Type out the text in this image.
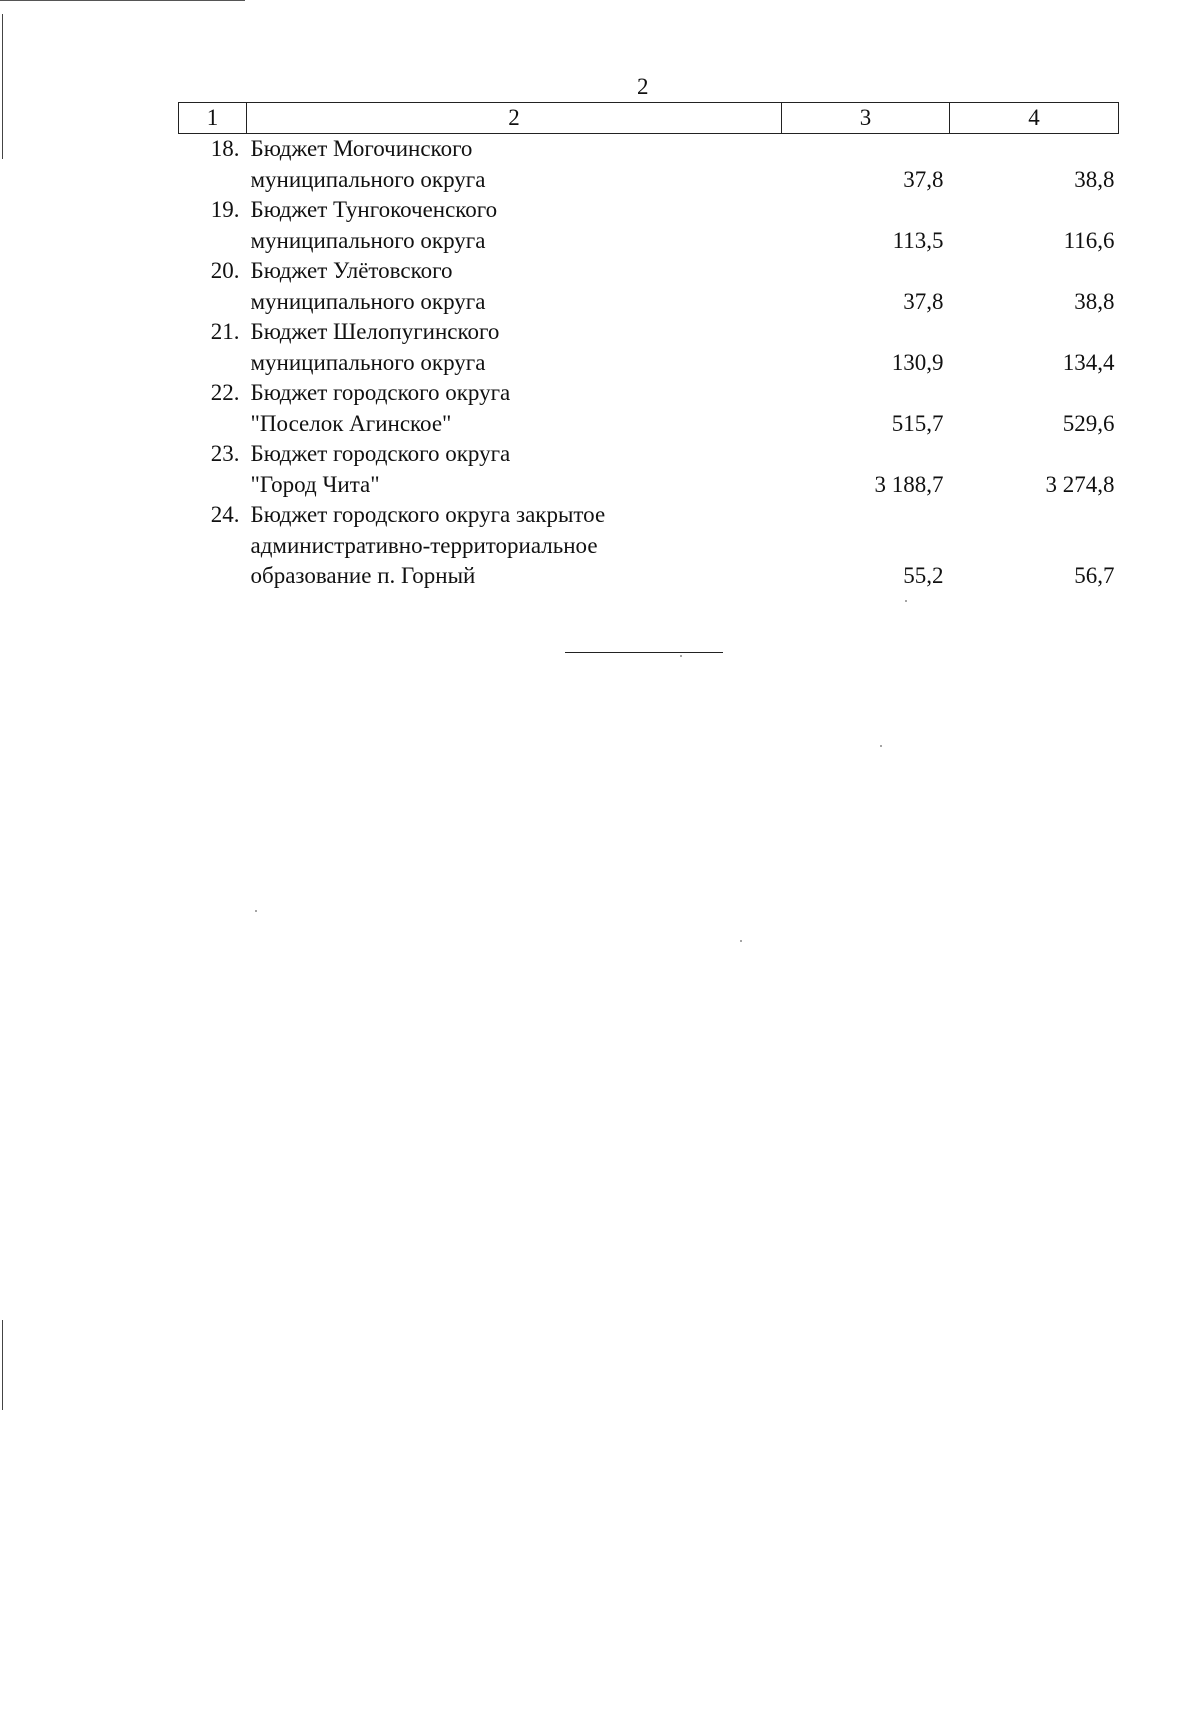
2
1	2	3	4
18.	Бюджет Могочинского
муниципального округа	37,8	38,8
19.	Бюджет Тунгокоченского
муниципального округа	113,5	116,6
20.	Бюджет Улётовского
муниципального округа	37,8	38,8
21.	Бюджет Шелопугинского
муниципального округа	130,9	134,4
22.	Бюджет городского округа
"Поселок Агинское"	515,7	529,6
23.	Бюджет городского округа
"Город Чита"	3 188,7	3 274,8
24.	Бюджет городского округа закрытое
административно-территориальное
образование п. Горный	55,2	56,7
